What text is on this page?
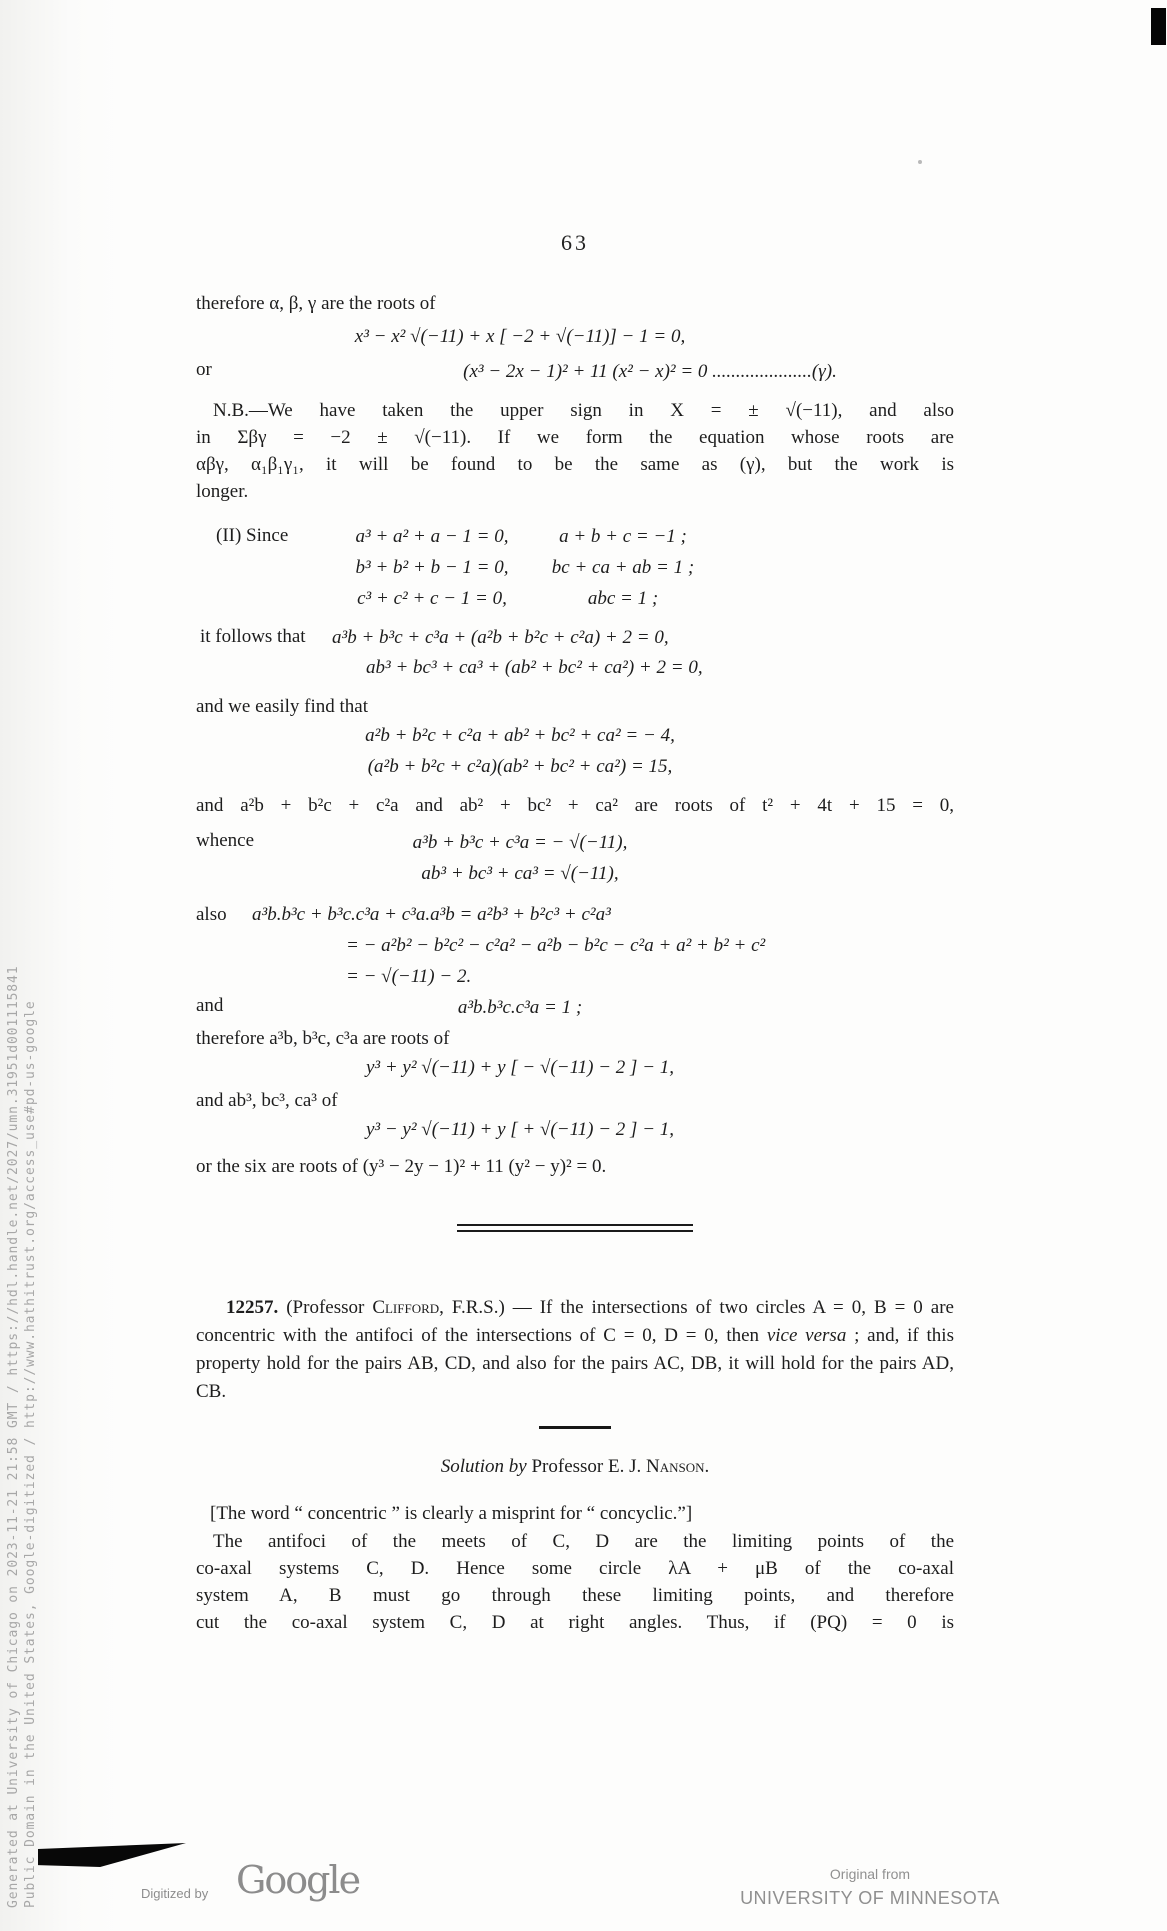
63
therefore α, β, γ are the roots of
x³ − x² √(−11) + x [ −2 + √(−11)] − 1 = 0,
or	(x³ − 2x − 1)² + 11 (x² − x)² = 0 .....................(γ).
N.B.—We have taken the upper sign in X = ± √(−11), and also
in Σβγ = −2 ± √(−11). If we form the equation whose roots are
αβγ, α₁β₁γ₁, it will be found to be the same as (γ), but the work is
longer.
(II) Since	a³ + a² + a − 1 = 0,	a + b + c = −1 ;
b³ + b² + b − 1 = 0,	bc + ca + ab = 1 ;
c³ + c² + c − 1 = 0,	abc = 1 ;
it follows that	a³b + b³c + c³a + (a²b + b²c + c²a) + 2 = 0,
ab³ + bc³ + ca³ + (ab² + bc² + ca²) + 2 = 0,
and we easily find that
a²b + b²c + c²a + ab² + bc² + ca² = − 4,
(a²b + b²c + c²a)(ab² + bc² + ca²) = 15,
and a²b + b²c + c²a and ab² + bc² + ca² are roots of t² + 4t + 15 = 0,
whence	a³b + b³c + c³a = − √(−11),
ab³ + bc³ + ca³ = √(−11),
also	a³b.b³c + b³c.c³a + c³a.a³b = a²b³ + b²c³ + c²a³
= − a²b² − b²c² − c²a² − a²b − b²c − c²a + a² + b² + c²
= − √(−11) − 2.
and	a³b.b³c.c³a = 1 ;
therefore a³b, b³c, c³a are roots of
y³ + y² √(−11) + y [ − √(−11) − 2 ] − 1,
and ab³, bc³, ca³ of
y³ − y² √(−11) + y [ + √(−11) − 2 ] − 1,
or the six are roots of (y³ − 2y − 1)² + 11 (y² − y)² = 0.

12257. (Professor Clifford, F.R.S.) — If the intersections of two circles A = 0, B = 0 are concentric with the antifoci of the intersections of C = 0, D = 0, then vice versa ; and, if this property hold for the pairs AB, CD, and also for the pairs AC, DB, it will hold for the pairs AD, CB.

Solution by Professor E. J. Nanson.

[The word “ concentric ” is clearly a misprint for “ concyclic.”]

The antifoci of the meets of C, D are the limiting points of the
co-axal systems C, D. Hence some circle λA + μB of the co-axal
system A, B must go through these limiting points, and therefore
cut the co-axal system C, D at right angles. Thus, if (PQ) = 0 is
Generated at University of Chicago on 2023-11-21 21:58 GMT / https://hdl.handle.net/2027/umn.31951d001115841 Public Domain in the United States, Google-digitized / http://www.hathitrust.org/access_use#pd-us-google	Digitized by Google	Original from
UNIVERSITY OF MINNESOTA
